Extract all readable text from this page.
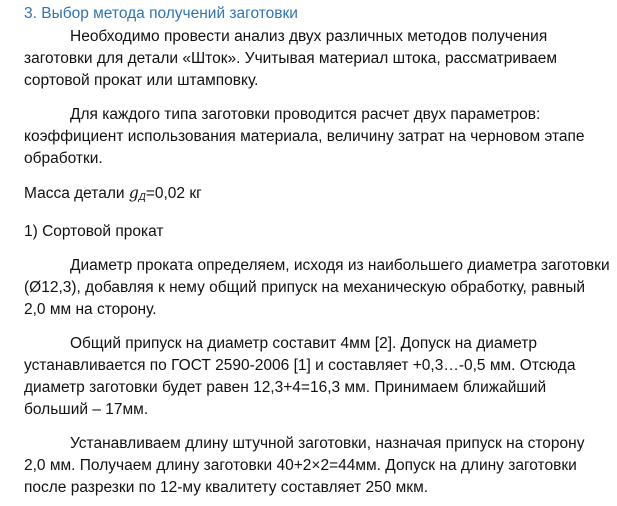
3. Выбор метода получений заготовки

Необходимо провести анализ двух различных методов получения заготовки для детали «Шток». Учитывая материал штока, рассматриваем сортовой прокат или штамповку.

Для каждого типа заготовки проводится расчет двух параметров: коэффициент использования материала, величину затрат на черновом этапе обработки.

Масса детали $g_Д=0,02$ кг

1) Сортовой прокат

Диаметр проката определяем, исходя из наибольшего диаметра заготовки (Ø12,3), добавляя к нему общий припуск на механическую обработку, равный 2,0 мм на сторону.

Общий припуск на диаметр составит 4мм [2]. Допуск на диаметр устанавливается по ГОСТ 2590-2006 [1] и составляет +0,3…-0,5 мм. Отсюда диаметр заготовки будет равен 12,3+4=16,3 мм. Принимаем ближайший больший – 17мм.

Устанавливаем длину штучной заготовки, назначая припуск на сторону 2,0 мм. Получаем длину заготовки 40+2×2=44мм. Допуск на длину заготовки после разрезки по 12-му квалитету составляет 250 мкм.
